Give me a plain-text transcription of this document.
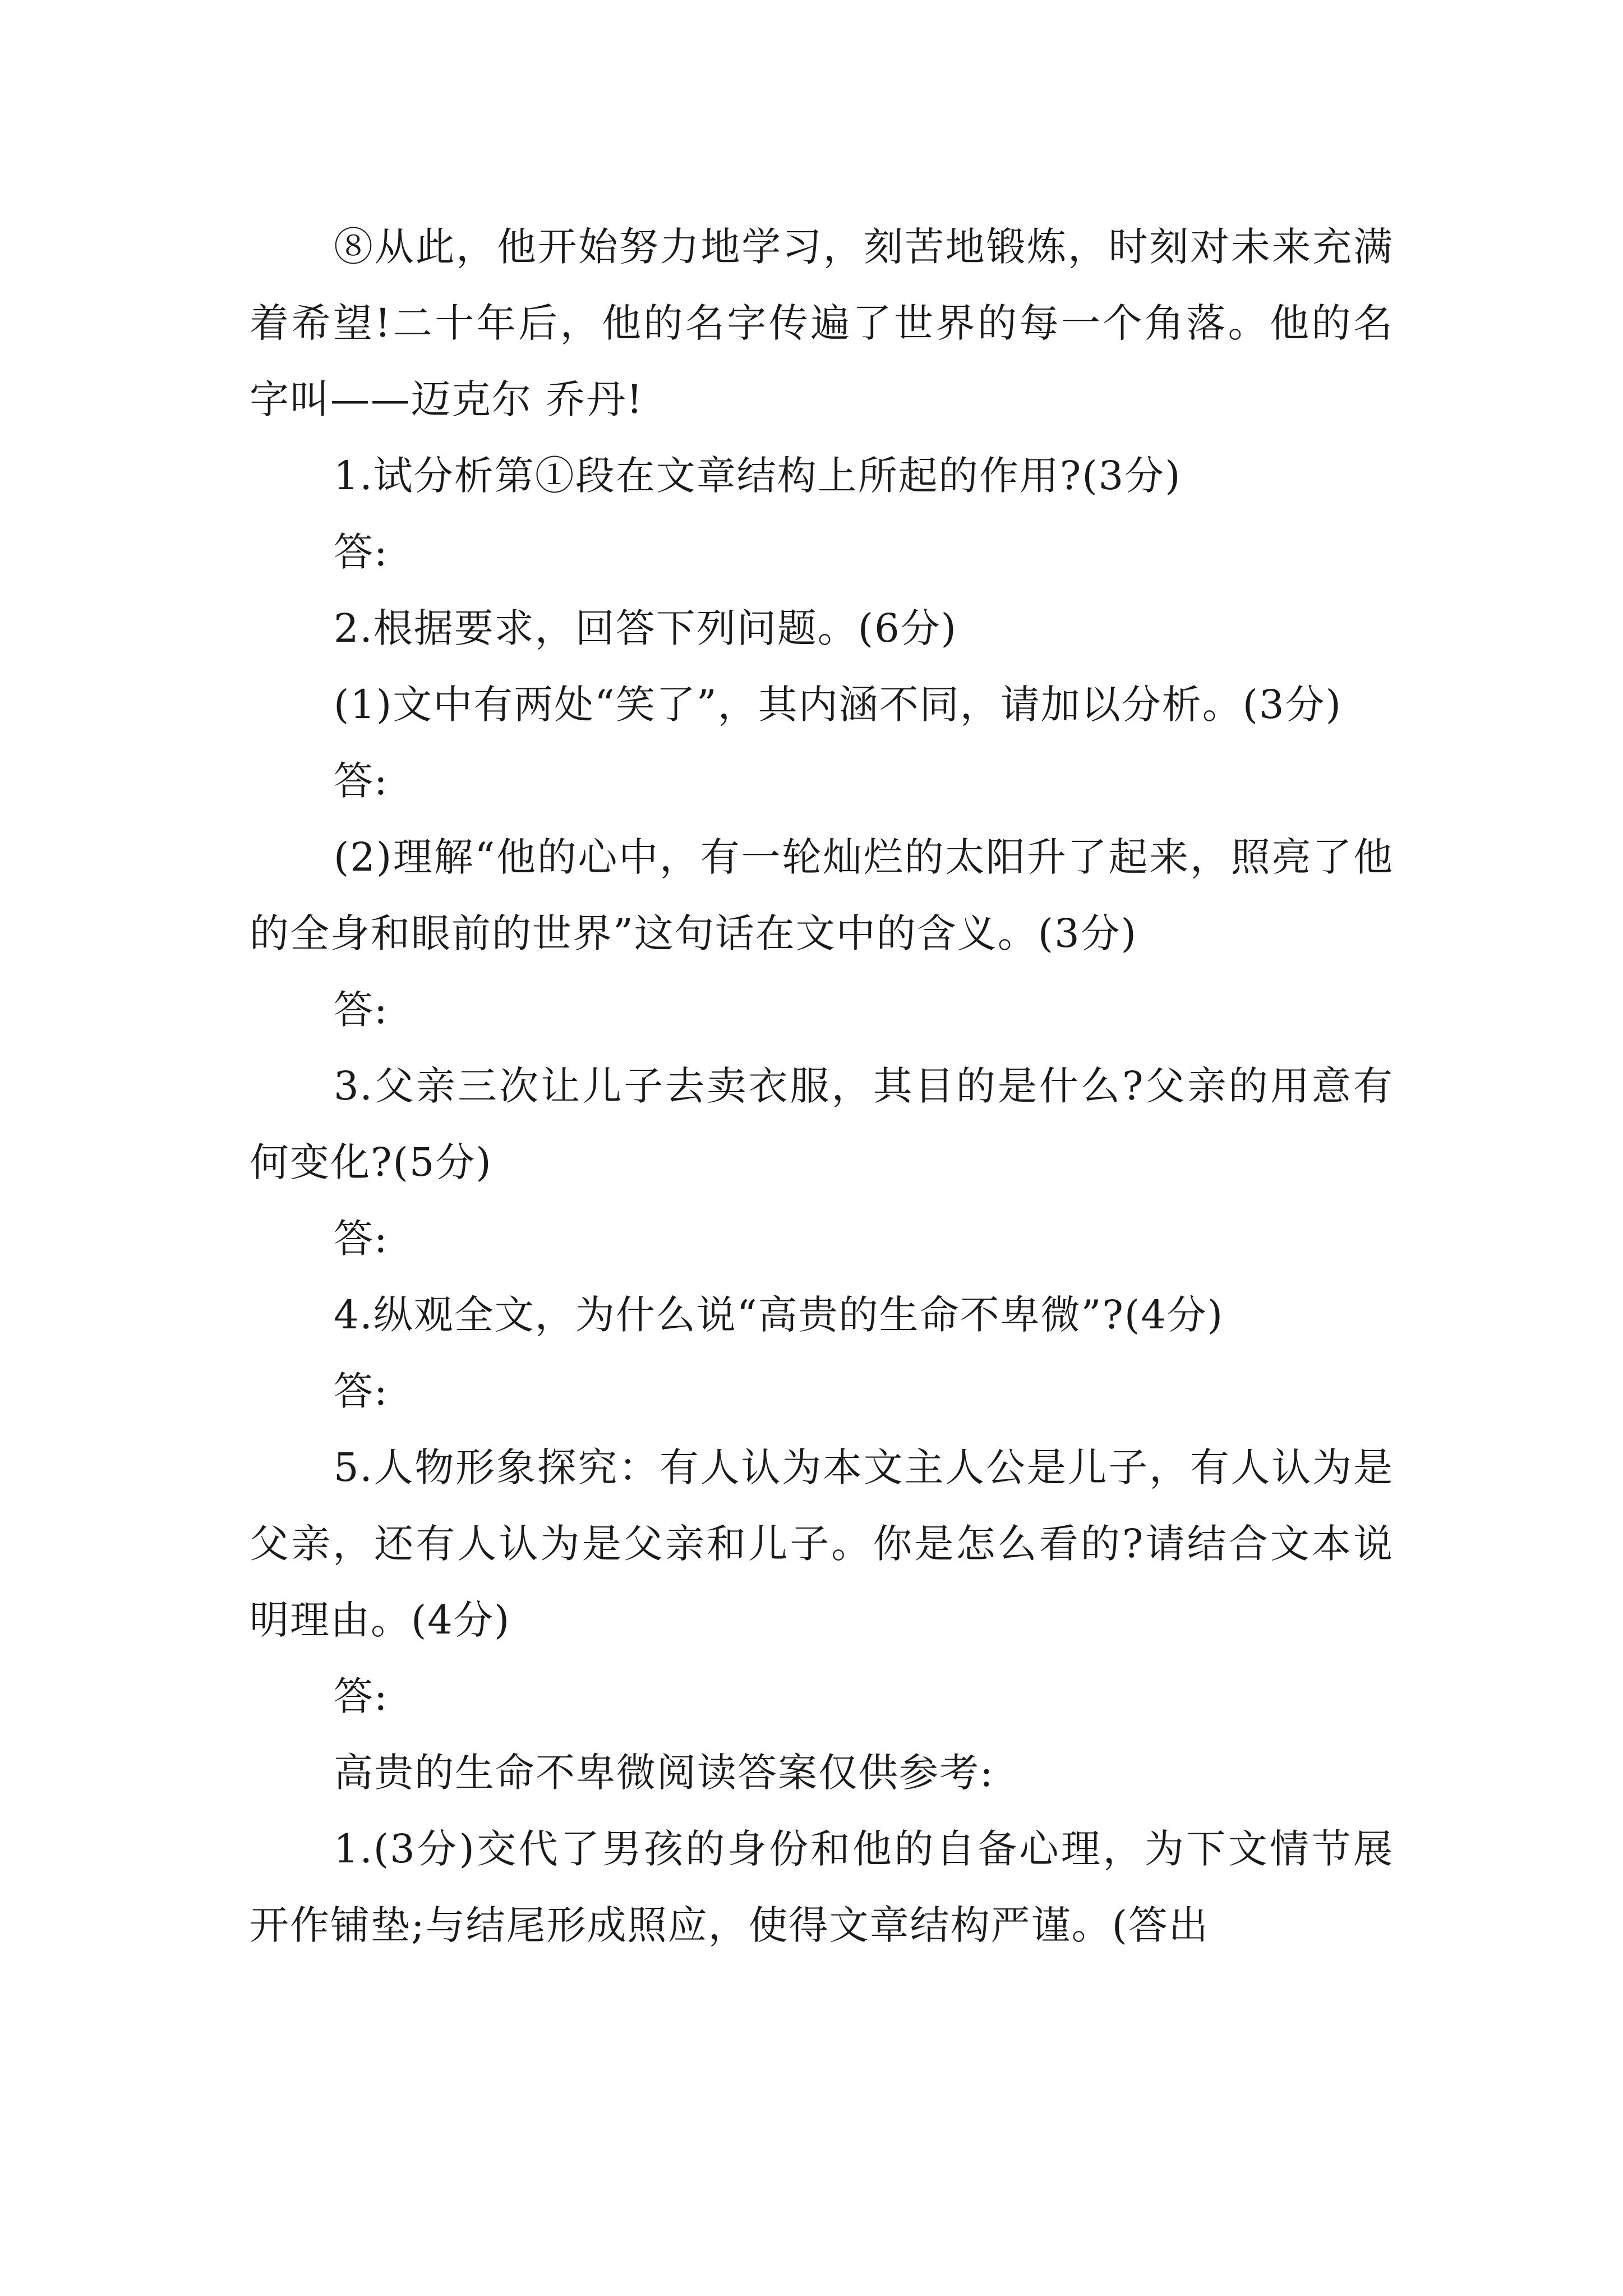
⑧从此，他开始努力地学习，刻苦地锻炼，时刻对未来充满着希望!二十年后，他的名字传遍了世界的每一个角落。他的名字叫——迈克尔 乔丹!

1.试分析第①段在文章结构上所起的作用?(3分)

答:

2.根据要求，回答下列问题。(6分)

(1)文中有两处“笑了”，其内涵不同，请加以分析。(3分)

答:

(2)理解“他的心中，有一轮灿烂的太阳升了起来，照亮了他的全身和眼前的世界”这句话在文中的含义。(3分)

答:

3.父亲三次让儿子去卖衣服，其目的是什么?父亲的用意有何变化?(5分)

答:

4.纵观全文，为什么说“高贵的生命不卑微”?(4分)

答:

5.人物形象探究：有人认为本文主人公是儿子，有人认为是父亲，还有人认为是父亲和儿子。你是怎么看的?请结合文本说明理由。(4分)

答:

高贵的生命不卑微阅读答案仅供参考:

1.(3分)交代了男孩的身份和他的自备心理，为下文情节展开作铺垫;与结尾形成照应，使得文章结构严谨。(答出
